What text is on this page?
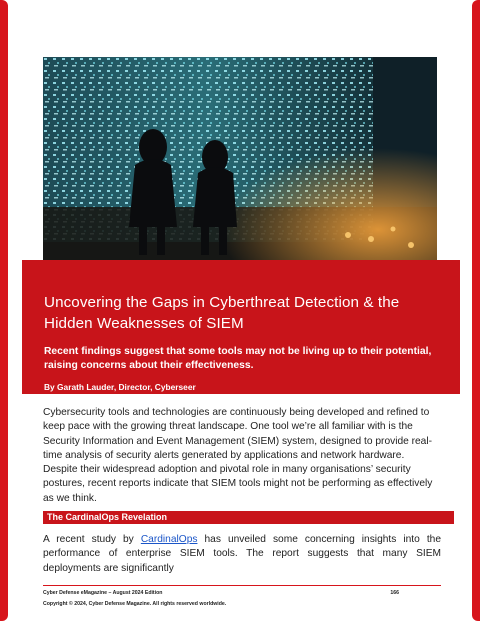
Uncovering the Gaps in Cyberthreat Detection & the Hidden Weaknesses of SIEM
Recent findings suggest that some tools may not be living up to their potential, raising concerns about their effectiveness.
By Garath Lauder, Director, Cyberseer

Cybersecurity tools and technologies are continuously being developed and refined to keep pace with the growing threat landscape. One tool we’re all familiar with is the Security Information and Event Management (SIEM) system, designed to provide real-time analysis of security alerts generated by applications and network hardware. Despite their widespread adoption and pivotal role in many organisations’ security postures, recent reports indicate that SIEM tools might not be performing as effectively as we think.

The CardinalOps Revelation

A recent study by CardinalOps has unveiled some concerning insights into the performance of enterprise SIEM tools. The report suggests that many SIEM deployments are significantly

Cyber Defense eMagazine – August 2024 Edition	166
Copyright © 2024, Cyber Defense Magazine. All rights reserved worldwide.
